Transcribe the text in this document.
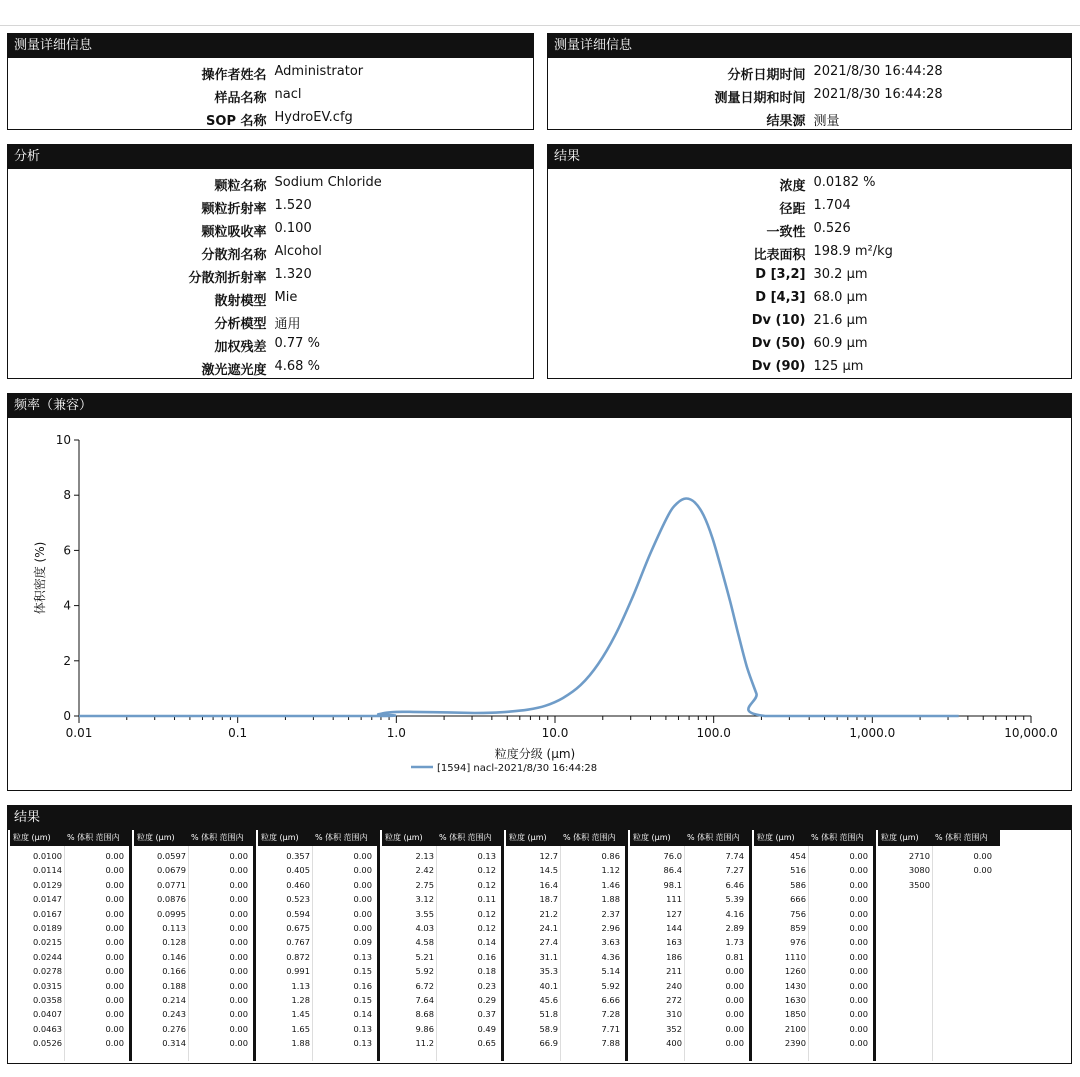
测量详细信息
操作者姓名 Administrator
样品名称 nacl
SOP 名称 HydroEV.cfg
测量详细信息
分析日期时间 2021/8/30 16:44:28
测量日期和时间 2021/8/30 16:44:28
结果源 测量
分析
颗粒名称 Sodium Chloride
颗粒折射率 1.520
颗粒吸收率 0.100
分散剂名称 Alcohol
分散剂折射率 1.320
散射模型 Mie
分析模型 通用
加权残差 0.77 %
激光遮光度 4.68 %
结果
浓度 0.0182 %
径距 1.704
一致性 0.526
比表面积 198.9 m²/kg
D [3,2] 30.2 μm
D [4,3] 68.0 μm
Dv (10) 21.6 μm
Dv (50) 60.9 μm
Dv (90) 125 μm
频率（兼容）
0
2
4
6
8
10
0.01	0.1	1.0	10.0	100.0	1,000.0	10,000.0
粒度分级 (μm)
体积密度 (%)
[1594] nacl-2021/8/30 16:44:28
结果
粒度 (μm) % 体积 范围内
0.0100	0.00
0.0114	0.00
0.0129	0.00
0.0147	0.00
0.0167	0.00
0.0189	0.00
0.0215	0.00
0.0244	0.00
0.0278	0.00
0.0315	0.00
0.0358	0.00
0.0407	0.00
0.0463	0.00
0.0526	0.00
粒度 (μm) % 体积 范围内
0.0597	0.00
0.0679	0.00
0.0771	0.00
0.0876	0.00
0.0995	0.00
0.113	0.00
0.128	0.00
0.146	0.00
0.166	0.00
0.188	0.00
0.214	0.00
0.243	0.00
0.276	0.00
0.314	0.00
粒度 (μm) % 体积 范围内
0.357	0.00
0.405	0.00
0.460	0.00
0.523	0.00
0.594	0.00
0.675	0.00
0.767	0.09
0.872	0.13
0.991	0.15
1.13	0.16
1.28	0.15
1.45	0.14
1.65	0.13
1.88	0.13
粒度 (μm) % 体积 范围内
2.13	0.13
2.42	0.12
2.75	0.12
3.12	0.11
3.55	0.12
4.03	0.12
4.58	0.14
5.21	0.16
5.92	0.18
6.72	0.23
7.64	0.29
8.68	0.37
9.86	0.49
11.2	0.65
粒度 (μm) % 体积 范围内
12.7	0.86
14.5	1.12
16.4	1.46
18.7	1.88
21.2	2.37
24.1	2.96
27.4	3.63
31.1	4.36
35.3	5.14
40.1	5.92
45.6	6.66
51.8	7.28
58.9	7.71
66.9	7.88
粒度 (μm) % 体积 范围内
76.0	7.74
86.4	7.27
98.1	6.46
111	5.39
127	4.16
144	2.89
163	1.73
186	0.81
211	0.00
240	0.00
272	0.00
310	0.00
352	0.00
400	0.00
粒度 (μm) % 体积 范围内
454	0.00
516	0.00
586	0.00
666	0.00
756	0.00
859	0.00
976	0.00
1110	0.00
1260	0.00
1430	0.00
1630	0.00
1850	0.00
2100	0.00
2390	0.00
粒度 (μm) % 体积 范围内
2710	0.00
3080	0.00
3500
